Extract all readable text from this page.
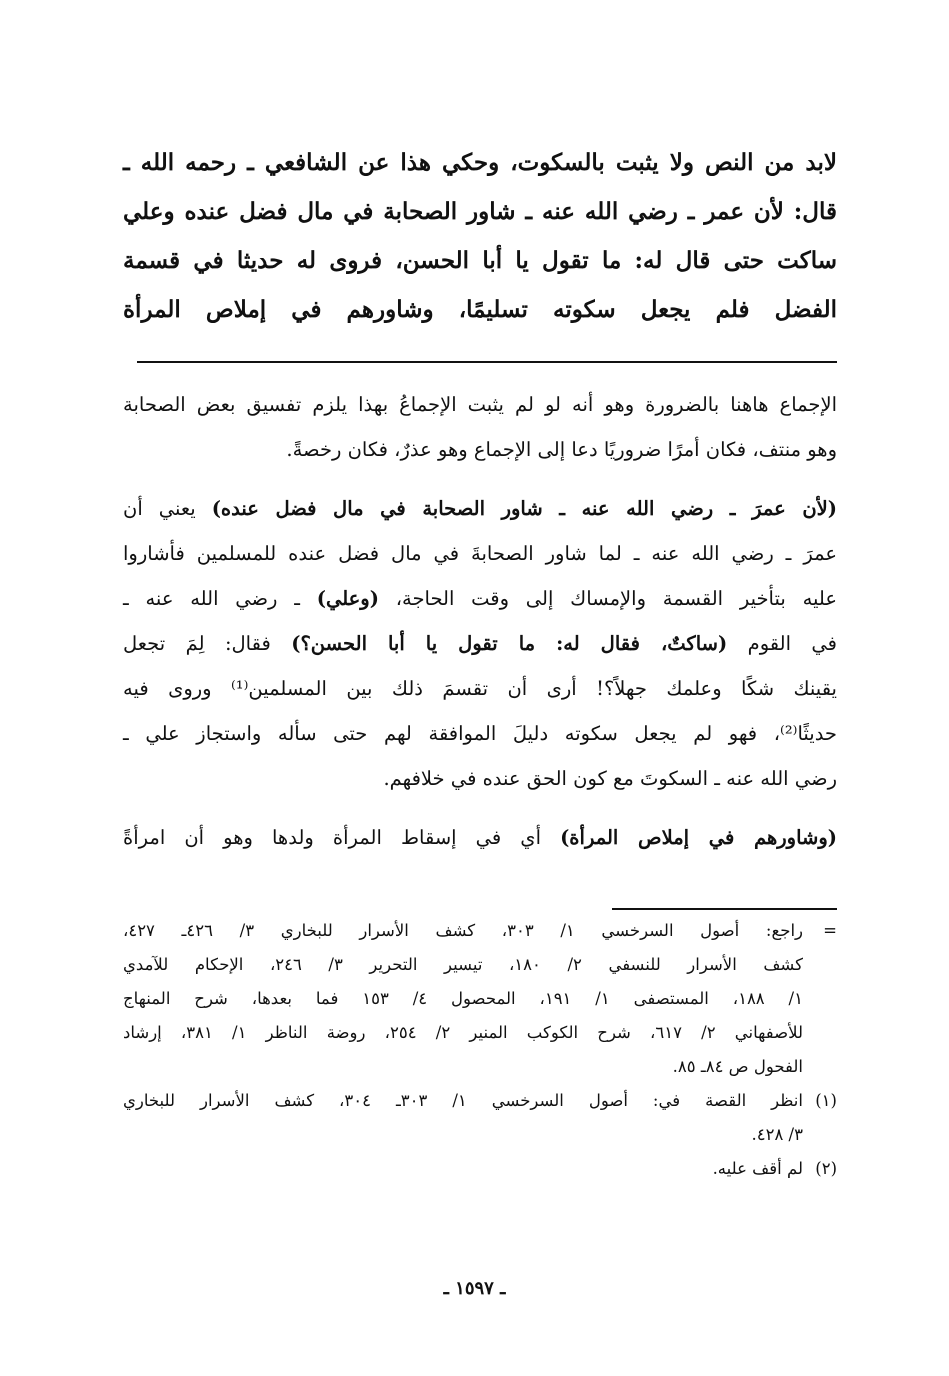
لابد من النص ولا يثبت بالسكوت، وحكي هذا عن الشافعي ـ رحمه الله ـ
قال: لأن عمر ـ رضي الله عنه ـ شاور الصحابة في مال فضل عنده وعلي
ساكت حتى قال له: ما تقول يا أبا الحسن، فروى له حديثا في قسمة
الفضل فلم يجعل سكوته تسليمًا، وشاورهم في إملاص المرأة
الإجماع هاهنا بالضرورة وهو أنه لو لم يثبت الإجماعُ بهذا يلزم تفسيق بعض الصحابة
وهو منتف، فكان أمرًا ضروريًا دعا إلى الإجماع وهو عذرٌ، فكان رخصةً.
(لأن عمرَ ـ رضي الله عنه ـ شاور الصحابة في مال فضل عنده) يعني أن
عمرَ ـ رضي الله عنه ـ لما شاور الصحابةَ في مال فضل عنده للمسلمين فأشاروا
عليه بتأخير القسمة والإمساك إلى وقت الحاجة، (وعلي) ـ رضي الله عنه ـ
في القوم (ساكتٌ، فقال له: ما تقول يا أبا الحسن؟) فقال: لِمَ تجعل
يقينك شكًا وعلمك جهلاً؟! أرى أن تقسمَ ذلك بين المسلمين⁽¹⁾ وروى فيه
حديثًا⁽²⁾، فهو لم يجعل سكوته دليلَ الموافقة لهم حتى سأله واستجاز علي ـ
رضي الله عنه ـ السكوتَ مع كون الحق عنده في خلافهم.
(وشاورهم في إملاص المرأة) أي في إسقاط المرأة ولدها وهو أن امرأةً
=راجع: أصول السرخسي ١/ ٣٠٣، كشف الأسرار للبخاري ٣/ ٤٢٦ـ ٤٢٧،
كشف الأسرار للنسفي ٢/ ١٨٠، تيسير التحرير ٣/ ٢٤٦، الإحكام للآمدي
١/ ١٨٨، المستصفى ١/ ١٩١، المحصول ٤/ ١٥٣ فما بعدها، شرح المنهاج
للأصفهاني ٢/ ٦١٧، شرح الكوكب المنير ٢/ ٢٥٤، روضة الناظر ١/ ٣٨١، إرشاد
الفحول ص ٨٤ـ ٨٥.
(١)انظر القصة في: أصول السرخسي ١/ ٣٠٣ـ ٣٠٤، كشف الأسرار للبخاري
٣/ ٤٢٨.
(٢)لم أقف عليه.
ـ ١٥٩٧ ـ
